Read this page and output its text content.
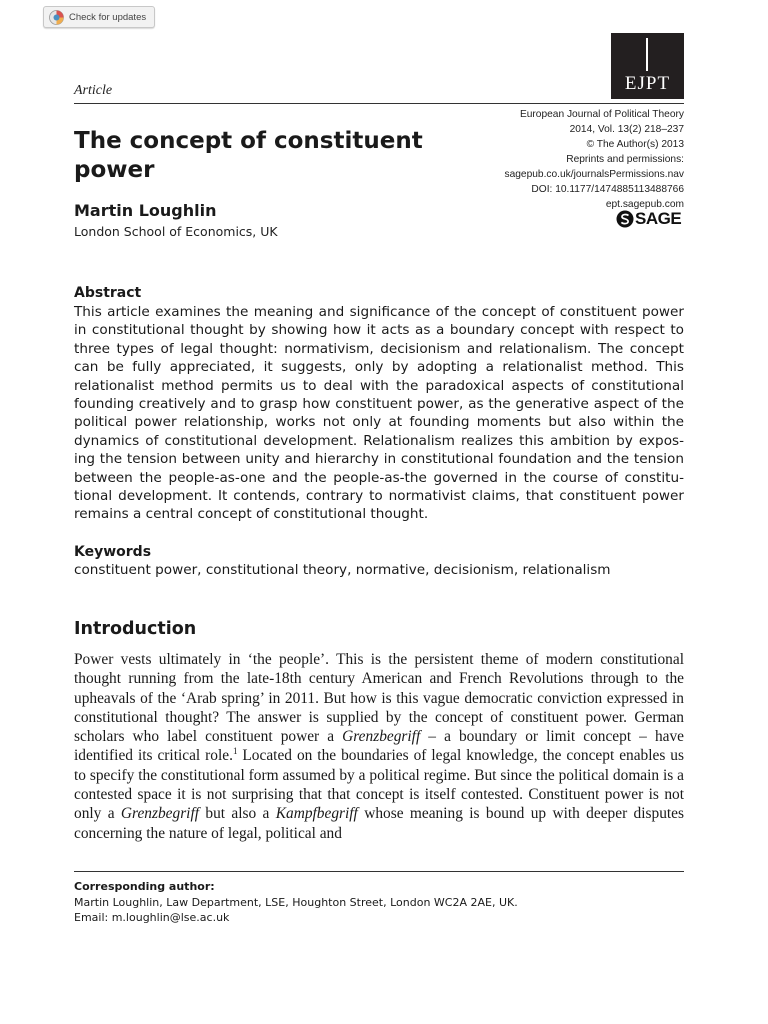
Check for updates
EJPT
Article
European Journal of Political Theory
2014, Vol. 13(2) 218–237
© The Author(s) 2013
Reprints and permissions:
sagepub.co.uk/journalsPermissions.nav
DOI: 10.1177/1474885113488766
ept.sagepub.com
SAGE
The concept of constituent power
Martin Loughlin
London School of Economics, UK
Abstract

This article examines the meaning and significance of the concept of constituent power in constitutional thought by showing how it acts as a boundary concept with respect to three types of legal thought: normativism, decisionism and relationalism. The concept can be fully appreciated, it suggests, only by adopting a relationalist method. This relationalist method permits us to deal with the paradoxical aspects of constitutional founding creatively and to grasp how constituent power, as the generative aspect of the political power relationship, works not only at founding moments but also within the dynamics of constitutional development. Relationalism realizes this ambition by exposing the tension between unity and hierarchy in constitutional foundation and the tension between the people-as-one and the people-as-the governed in the course of constitutional development. It contends, contrary to normativist claims, that constituent power remains a central concept of constitutional thought.

Keywords
constituent power, constitutional theory, normative, decisionism, relationalism
Introduction

Power vests ultimately in ‘the people’. This is the persistent theme of modern constitutional thought running from the late-18th century American and French Revolutions through to the upheavals of the ‘Arab spring’ in 2011. But how is this vague democratic conviction expressed in constitutional thought? The answer is supplied by the concept of constituent power. German scholars who label constituent power a Grenzbegriff – a boundary or limit concept – have identified its critical role.$^1$ Located on the boundaries of legal knowledge, the concept enables us to specify the constitutional form assumed by a political regime. But since the political domain is a contested space it is not surprising that that concept is itself contested. Constituent power is not only a Grenzbegriff but also a Kampfbegriff whose meaning is bound up with deeper disputes concerning the nature of legal, political and

Corresponding author:
Martin Loughlin, Law Department, LSE, Houghton Street, London WC2A 2AE, UK.
Email: m.loughlin@lse.ac.uk
